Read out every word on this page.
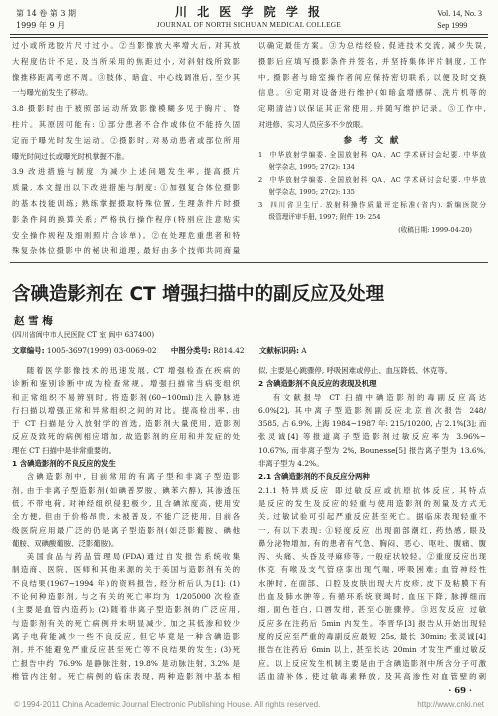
第 14 卷 第 3 期
1999 年 9 月
川 北 医 学 院 学 报
JOURNAL OF NORTH SICHUAN MEDICAL COLLEGE
Vol. 14, No. 3
Sep 1999
过小或所选胶片尺寸过小。②当影像放大率增大后, 对其放
大程度估计不足, 及当所采用的焦距过小, 对斜射线所致影
像推移距离考虑不周。③肢体、暗盒、中心线调准后, 至少其
一与曝光前发生了移动。
3.8 摄影时由于被照部运动所致影像模糊多见于胸片、脊
柱片。其原因可能有: ①部分患者不合作或体位不能持久固
定而于曝光时发生运动。②摄影时, 对易动患者或部位所用
曝光时间过长或曝光时机掌握不准。
3.9 改进措施与制度 为减少上述问题发生率, 提高摄片
质量, 本文提出以下改进措施与制度: ①加强复合体位摄影
的基本技能训练; 熟练掌握摄取特殊位置, 生理条件片时摄
影条件间的换算关系; 严格执行操作程序(特别应注意贴实
安全操作规程及细则照片合诊单)。②在处理危重患者和特
殊复杂体位摄影中的秘诀和道理, 最好由多个技师共同商量
以确定最佳方案。③为总结经验, 促进技术交流, 减少失误,
摄影后应填写摄影条件并签名, 并坚持集体评片制度, 工作
中, 摄影者与暗室操作者间应保持密切联系, 以便及时交换
信息。④定期对设备进行维护(如暗盒增感屏、洗片机等的
定期清洁)以保证其正常使用, 并随写维护记录。⑤工作中,
对进修、实习人员应多不少放眼。
参 考 文 献
1 中华放射学编委. 全国放射科 QA、AC 学术研讨会纪要. 中华放
射学杂志, 1995; 27(2): 134
2 中华放射学编委. 全国放射科 QA、AC 学术研讨会纪要. 中华放
射学杂志, 1995; 27(2): 135
3 四川省卫生厅. 放射科操作质量评定标准(省内). 新编医院分
级管理评审手册, 1997; 附件 19: 254
(收稿日期: 1999-04-20)
含碘造影剂在 CT 增强扫描中的副反应及处理
赵 雪 梅
(四川省阆中市人民医院 CT 室 阆中 637400)
文章编号: 1005-3697(1999) 03-0069-02 中图分类号: R814.42 文献标识码: A
随着医学影像技术的迅速发展, CT 增强检查在疾病的
诊断和鉴别诊断中成为检查常规。增强扫描常当病变组织
和正常组织不易辨别时, 将造影剂(60~100ml)注入静脉进
行扫描以增强正常和异常组织之间的对比。提高检出率, 由
于 CT 扫描是分入放射学的首选, 造影剂大量使用, 造影剂
反应及致死的病例相应增加, 故造影剂的应用和并发症的处
理在 CT 扫描中是非常重要的。
1 含碘造影剂的不良反应的发生
含碘造影剂中, 目前常用的有离子型和非离子型造影
剂, 由于非离子型造影剂(如碘普罗胺、碘苯六醇), 其渗透压
低, 不带电荷, 对神经组织侵犯极少, 且含碘浓度高, 使用安
全方便, 但由于价格昂贵, 未被普及, 不能广泛使用, 目前各
级医院应用最广泛的仍是离子型造影剂(如泛影葡胺、碘他
葡胺、双碘酸葡胺、泛影葡胺)。
美国食品与药品管理局(FDA)通过自发报告系统收集
制造商、医院、医师和其他来源的关于美国与造影剂有关的
不良结果(1967~1994 年)的资料报告, 经分析后认为[1]: (1)
不论何种造影剂, 与之有关的死亡率均为 1/205000 次检查
(主要是血管内造药); (2)随着非离子型造影剂的广泛应用,
与造影剂有关的死亡病例并未明显减少, 加之其低渗和较少
离子电荷能减少一些不良反应, 但它毕竟是一种含碘造影
剂, 并不能避免严重反应甚至死亡等不良结果的发生; (3)死
亡报告中约 76.9% 是静脉注射, 19.8% 是动脉注射, 3.2% 是
椎管内注射。死亡病例的临床表现, 两种造影剂中基本相
似, 主要是心跳骤停, 呼吸困难或停止、血压降低、休克等。
2 含碘造影剂不良反应的表现及机理
有文献报导 CT 扫描中碘造影剂的毒副反应高达
6.0%[2], 其中离子型造影剂副反应北京首次报告 248/
3585, 占 6.9%, 上海 1984~1987 年: 215/10200, 占 2.1%[3]; 而
张灵诚[4] 等报道离子型造影剂过敏反应率为 3.96%~
10.67%, 而非离子型为 2%, Bounesse[5] 报告离子型为 13.6%,
非离子型为 4.2%。
2.1 含碘造影剂的不良反应分两种
2.1.1 特异质反应 即过敏反应或抗原抗体反应, 其特点
是反应的发生及反应的轻重与使用造影剂的剂量及方式无
关, 过敏试验可引起严重反应甚至死亡。据临床表现轻重不
一, 有以下表现: ①轻度反应 出现面部潮红, 药热感, 眼及
鼻分泌物增加, 有的患者有气急、胸闷、恶心、呕吐、腹痛、腹
泻、头痛、头昏及寻麻疹等, 一般症状较轻。②重度反应出现
休克 有喉及支气管痉挛出现气喘, 呼吸困难; 血管神经性
水肿时, 在面部、口腔及皮肤出现大片皮疹, 皮下及粘膜下有
出血及肺水肿等, 有循环系统衰竭时, 血压下降, 脉搏细而
细, 面色苍白, 口唇发绀, 甚至心脏骤停。③迟发反应 过敏
反应多在注药后 5min 内发生。李晋华[3] 报告从开始出现轻
度的反应至严重的毒副反应最短 25s, 最长 30min; 张灵诚[4]
报告在注药后 6min 以上, 甚至长达 20min 才发生严重过敏反
应。以上反应发生机制主要是由于含碘造影剂中所含分子可激
活血清补体, 使过敏毒素释放, 及其高渗性对血管壁的刺
· 69 ·
© 1994-2011 China Academic Journal Electronic Publishing House. All rights reserved.	http://www.cnki.net
